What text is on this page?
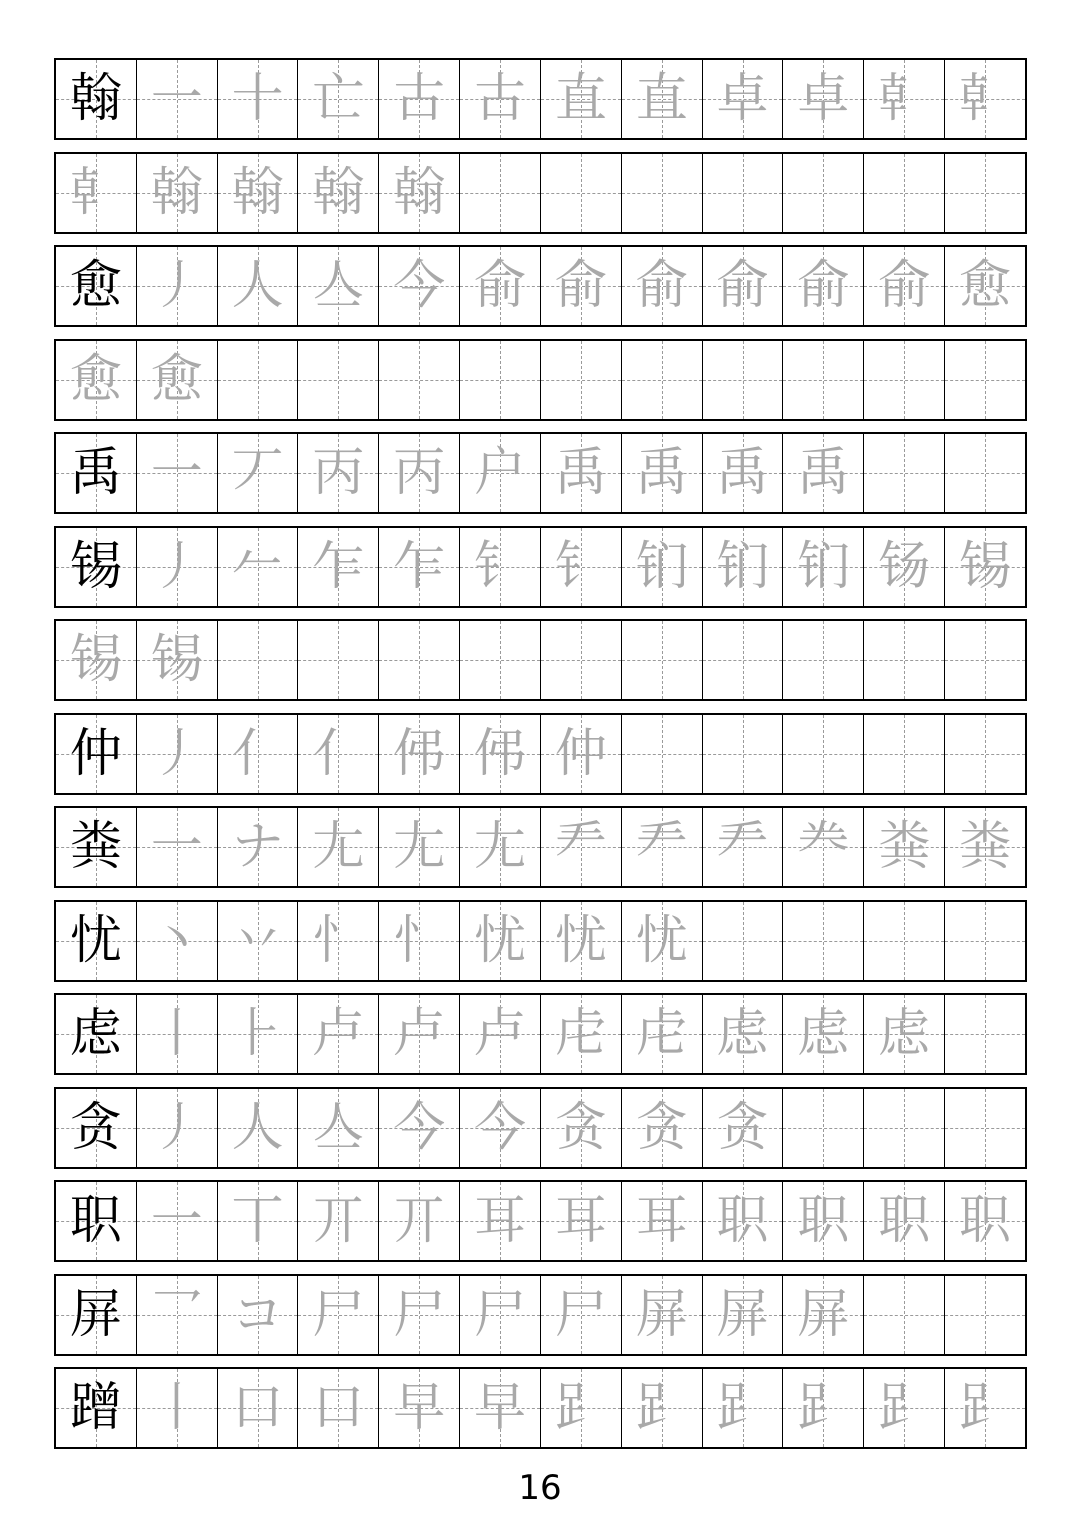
翰 一 十 亡 古 古 直 直 卓 卓 龺 龺
龺 翰 翰 翰 翰
愈 丿 人 亼 今 俞 俞 俞 俞 俞 俞 愈
愈 愈
禹 一 丆 丙 丙 户 禹 禹 禹 禹
锡 丿 𠂉 乍 乍 钅 钅 钔 钔 钔 钖 锡
锡 锡
仲 丿 亻 亻 伄 伄 仲
粪 一 ナ 尢 尢 尢 龵 龵 龵 龹 粪 粪
忧 丶 丷 忄 忄 忧 忧 忧
虑 丨 ⺊ 卢 卢 卢 虍 虍 虑 虑 虑
贪 丿 人 亼 今 今 贪 贪 贪
职 一 丅 丌 丌 耳 耳 耳 职 职 职 职
屏 乛 コ 尸 尸 尸 尸 屏 屏 屏
蹭 丨 口 口 早 早 𧾷 𧾷 𧾷 𧾷 𧾷 𧾷
16
